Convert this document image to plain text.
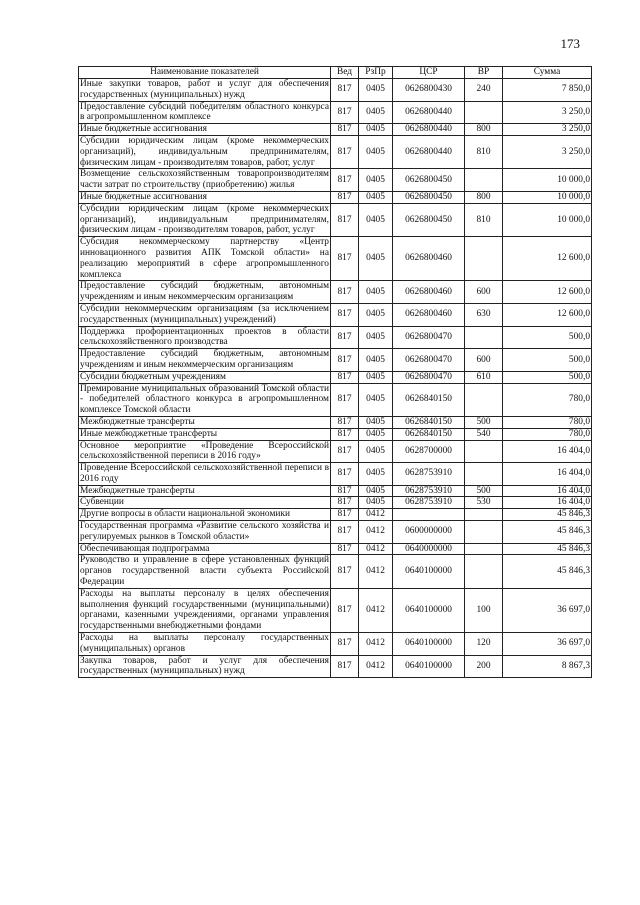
173
Наименование показателей	Вед	РзПр	ЦСР	ВР	Сумма
Иные закупки товаров, работ и услуг для обеспечения государственных (муниципальных) нужд	817	0405	0626800430	240	7 850,0
Предоставление субсидий победителям областного конкурса в агропромышленном комплексе	817	0405	0626800440		3 250,0
Иные бюджетные ассигнования	817	0405	0626800440	800	3 250,0
Субсидии юридическим лицам (кроме некоммерческих организаций), индивидуальным предпринимателям, физическим лицам - производителям товаров, работ, услуг	817	0405	0626800440	810	3 250,0
Возмещение сельскохозяйственным товаропроизводителям части затрат по строительству (приобретению) жилья	817	0405	0626800450		10 000,0
Иные бюджетные ассигнования	817	0405	0626800450	800	10 000,0
Субсидии юридическим лицам (кроме некоммерческих организаций), индивидуальным предпринимателям, физическим лицам - производителям товаров, работ, услуг	817	0405	0626800450	810	10 000,0
Субсидия некоммерческому партнерству «Центр инновационного развития АПК Томской области» на реализацию мероприятий в сфере агропромышленного комплекса	817	0405	0626800460		12 600,0
Предоставление субсидий бюджетным, автономным учреждениям и иным некоммерческим организациям	817	0405	0626800460	600	12 600,0
Субсидии некоммерческим организациям (за исключением государственных (муниципальных) учреждений)	817	0405	0626800460	630	12 600,0
Поддержка профориентационных проектов в области сельскохозяйственного производства	817	0405	0626800470		500,0
Предоставление субсидий бюджетным, автономным учреждениям и иным некоммерческим организациям	817	0405	0626800470	600	500,0
Субсидии бюджетным учреждениям	817	0405	0626800470	610	500,0
Премирование муниципальных образований Томской области - победителей областного конкурса в агропромышленном комплексе Томской области	817	0405	0626840150		780,0
Межбюджетные трансферты	817	0405	0626840150	500	780,0
Иные межбюджетные трансферты	817	0405	0626840150	540	780,0
Основное мероприятие «Проведение Всероссийской сельскохозяйственной переписи в 2016 году»	817	0405	0628700000		16 404,0
Проведение Всероссийской сельскохозяйственной переписи в 2016 году	817	0405	0628753910		16 404,0
Межбюджетные трансферты	817	0405	0628753910	500	16 404,0
Субвенции	817	0405	0628753910	530	16 404,0
Другие вопросы в области национальной экономики	817	0412			45 846,3
Государственная программа «Развитие сельского хозяйства и регулируемых рынков в Томской области»	817	0412	0600000000		45 846,3
Обеспечивающая подпрограмма	817	0412	0640000000		45 846,3
Руководство и управление в сфере установленных функций органов государственной власти субъекта Российской Федерации	817	0412	0640100000		45 846,3
Расходы на выплаты персоналу в целях обеспечения выполнения функций государственными (муниципальными) органами, казенными учреждениями, органами управления государственными внебюджетными фондами	817	0412	0640100000	100	36 697,0
Расходы на выплаты персоналу государственных (муниципальных) органов	817	0412	0640100000	120	36 697,0
Закупка товаров, работ и услуг для обеспечения государственных (муниципальных) нужд	817	0412	0640100000	200	8 867,3
